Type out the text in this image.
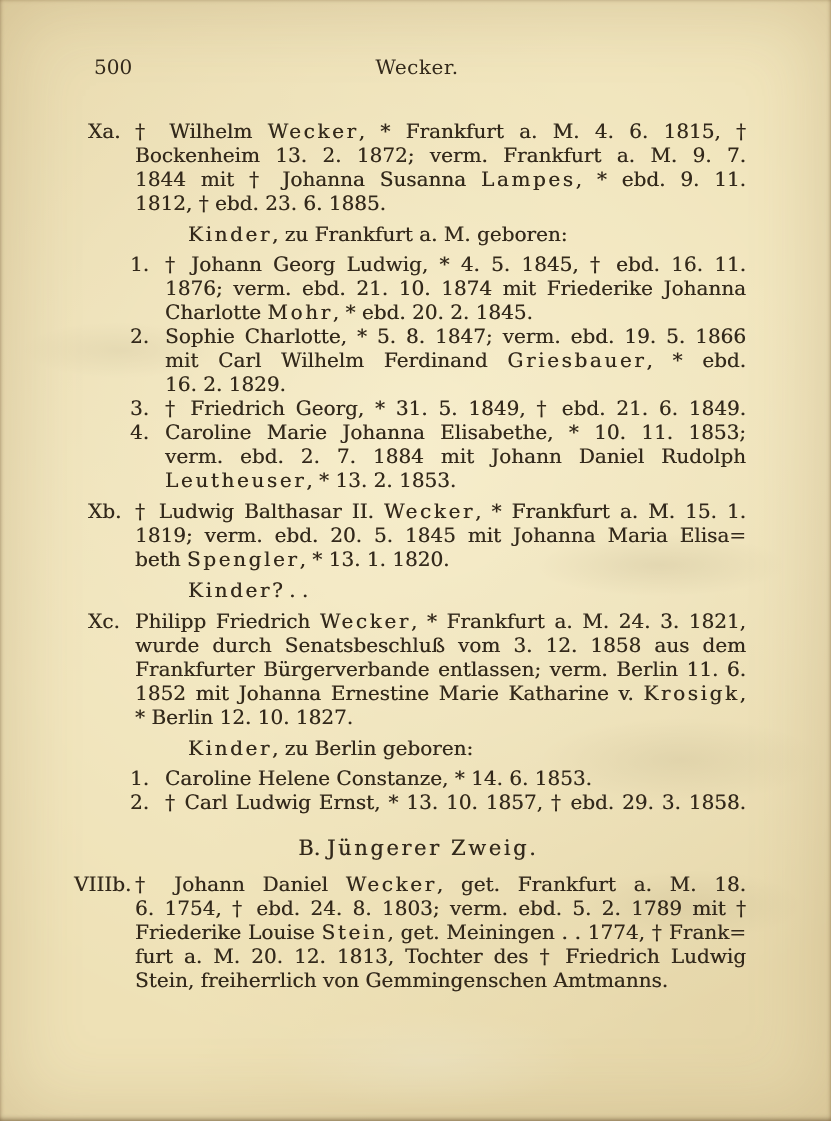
500	Wecker.
Xa. † Wilhelm Wecker, * Frankfurt a. M. 4. 6. 1815, †
Bockenheim 13. 2. 1872; verm. Frankfurt a. M. 9. 7.
1844 mit † Johanna Susanna Lampes, * ebd. 9. 11.
1812, † ebd. 23. 6. 1885.
Kinder, zu Frankfurt a. M. geboren:
1. † Johann Georg Ludwig, * 4. 5. 1845, † ebd. 16. 11.
1876; verm. ebd. 21. 10. 1874 mit Friederike Johanna
Charlotte Mohr, * ebd. 20. 2. 1845.
2. Sophie Charlotte, * 5. 8. 1847; verm. ebd. 19. 5. 1866
mit Carl Wilhelm Ferdinand Griesbauer, * ebd.
16. 2. 1829.
3. † Friedrich Georg, * 31. 5. 1849, † ebd. 21. 6. 1849.
4. Caroline Marie Johanna Elisabethe, * 10. 11. 1853;
verm. ebd. 2. 7. 1884 mit Johann Daniel Rudolph
Leutheuser, * 13. 2. 1853.
Xb. † Ludwig Balthasar II. Wecker, * Frankfurt a. M. 15. 1.
1819; verm. ebd. 20. 5. 1845 mit Johanna Maria Elisa=
beth Spengler, * 13. 1. 1820.
Kinder? . .
Xc. Philipp Friedrich Wecker, * Frankfurt a. M. 24. 3. 1821,
wurde durch Senatsbeschluß vom 3. 12. 1858 aus dem
Frankfurter Bürgerverbande entlassen; verm. Berlin 11. 6.
1852 mit Johanna Ernestine Marie Katharine v. Krosigk,
* Berlin 12. 10. 1827.
Kinder, zu Berlin geboren:
1. Caroline Helene Constanze, * 14. 6. 1853.
2. † Carl Ludwig Ernst, * 13. 10. 1857, † ebd. 29. 3. 1858.
B. Jüngerer Zweig.
VIIIb. † Johann Daniel Wecker, get. Frankfurt a. M. 18.
6. 1754, † ebd. 24. 8. 1803; verm. ebd. 5. 2. 1789 mit †
Friederike Louise Stein, get. Meiningen . . 1774, † Frank=
furt a. M. 20. 12. 1813, Tochter des † Friedrich Ludwig
Stein, freiherrlich von Gemmingenschen Amtmanns.
